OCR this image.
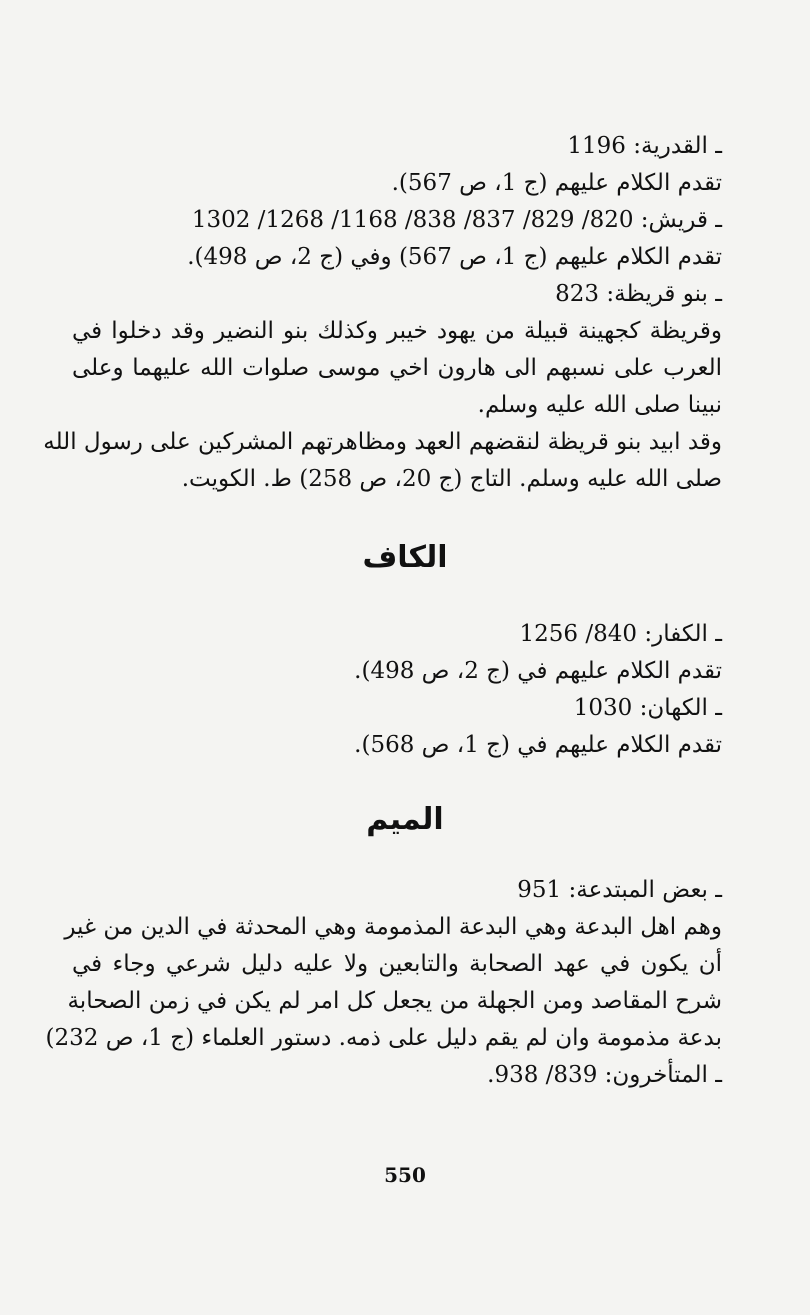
ـ القدرية: 1196
تقدم الكلام عليهم (ج 1، ص 567).
ـ قريش: 820/ 829/ 837/ 838/ 1168/ 1268/ 1302
تقدم الكلام عليهم (ج 1، ص 567) وفي (ج 2، ص 498).
ـ بنو قريظة: 823
وقريظة كجهينة قبيلة من يهود خيبر وكذلك بنو النضير وقد دخلوا في
العرب على نسبهم الى هارون اخي موسى صلوات الله عليهما وعلى
نبينا صلى الله عليه وسلم.
وقد ابيد بنو قريظة لنقضهم العهد ومظاهرتهم المشركين على رسول الله
صلى الله عليه وسلم. التاج (ج 20، ص 258) ط. الكويت.
الكاف
ـ الكفار: 840/ 1256
تقدم الكلام عليهم في (ج 2، ص 498).
ـ الكهان: 1030
تقدم الكلام عليهم في (ج 1، ص 568).
الميم
ـ بعض المبتدعة: 951
وهم اهل البدعة وهي البدعة المذمومة وهي المحدثة في الدين من غير
أن يكون في عهد الصحابة والتابعين ولا عليه دليل شرعي وجاء في
شرح المقاصد ومن الجهلة من يجعل كل امر لم يكن في زمن الصحابة
بدعة مذمومة وان لم يقم دليل على ذمه. دستور العلماء (ج 1، ص 232)
ـ المتأخرون: 839/ 938.
550
